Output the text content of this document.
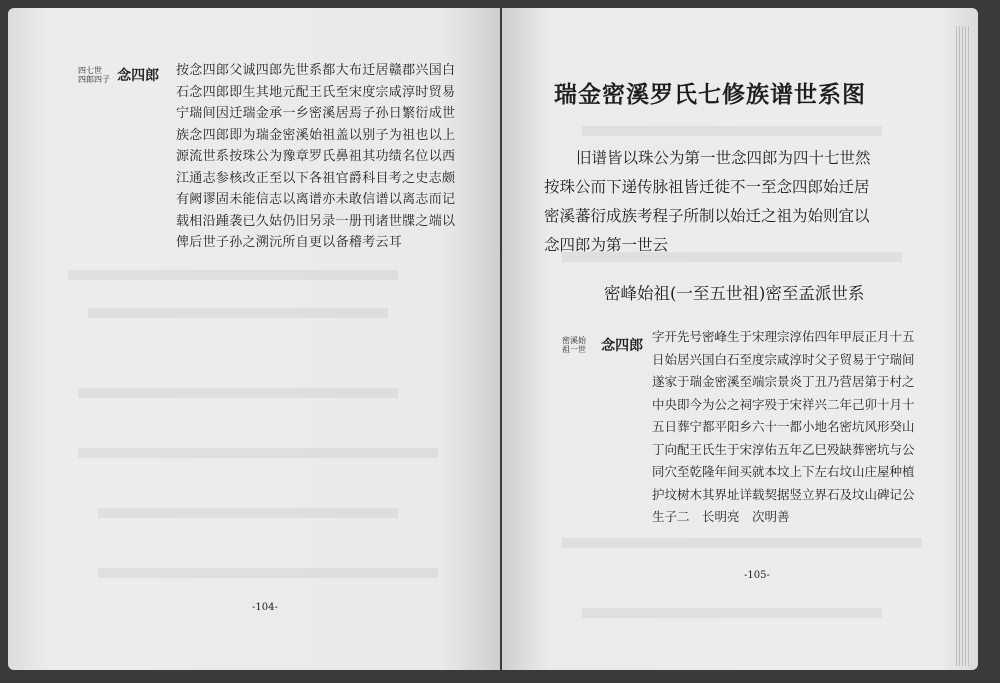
四七世 四郎四子 念四郎	按念四郎父诚四郎先世系都大布迁居赣郡兴国白

石念四郎即生其地元配王氏至宋度宗咸淳时贸易

宁瑞间因迁瑞金承一乡密溪居焉子孙日繁衍成世

族念四郎即为瑞金密溪始祖盖以别子为祖也以上

源流世系按珠公为豫章罗氏鼻祖其功绩名位以西

江通志参核改正至以下各祖官爵科目考之史志颇

有阙谬固未能信志以离谱亦未敢信谱以离志而记

载相沿踵袭已久姑仍旧另录一册刊诸世牒之端以

俾后世子孙之溯沅所自更以备稽考云耳

-104-
瑞金密溪罗氏七修族谱世系图

旧谱皆以珠公为第一世念四郎为四十七世然

按珠公而下递传脉祖皆迁徙不一至念四郎始迁居

密溪蕃衍成族考程子所制以始迁之祖为始则宜以

念四郎为第一世云

密峰始祖(一至五世祖)密至孟派世系
密溪始 祖一世 念四郎

字开先号密峰生于宋理宗淳佑四年甲辰正月十五

日始居兴国白石至度宗咸淳时父子贸易于宁瑞间

遂家于瑞金密溪至端宗景炎丁丑乃营居第于村之

中央即今为公之祠字殁于宋祥兴二年己卯十月十

五日葬宁都平阳乡六十一都小地名密坑风形癸山

丁向配王氏生于宋淳佑五年乙巳殁缺葬密坑与公

同穴至乾隆年间买就本坟上下左右坟山庄屋种植

护坟树木其界址详载契据竖立界石及坟山碑记公

生子二　长明亮　次明善

-105-
